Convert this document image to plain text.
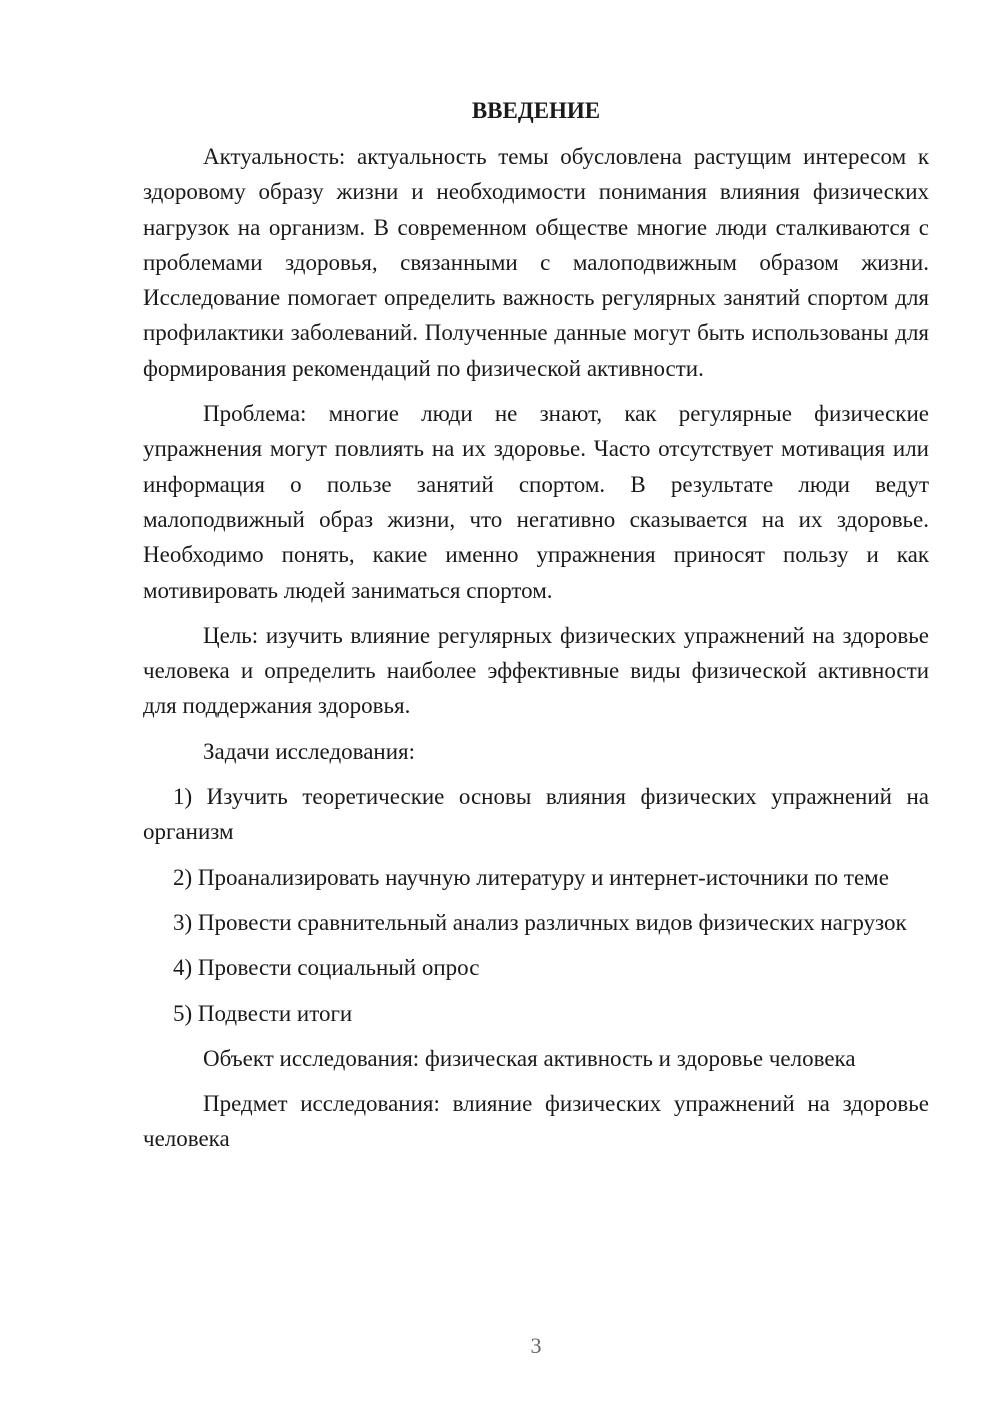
ВВЕДЕНИЕ

Актуальность: актуальность темы обусловлена растущим интересом к здоровому образу жизни и необходимости понимания влияния физических нагрузок на организм. В современном обществе многие люди сталкиваются с проблемами здоровья, связанными с малоподвижным образом жизни. Исследование помогает определить важность регулярных занятий спортом для профилактики заболеваний. Полученные данные могут быть использованы для формирования рекомендаций по физической активности.

Проблема: многие люди не знают, как регулярные физические упражнения могут повлиять на их здоровье. Часто отсутствует мотивация или информация о пользе занятий спортом. В результате люди ведут малоподвижный образ жизни, что негативно сказывается на их здоровье. Необходимо понять, какие именно упражнения приносят пользу и как мотивировать людей заниматься спортом.

Цель: изучить влияние регулярных физических упражнений на здоровье человека и определить наиболее эффективные виды физической активности для поддержания здоровья.

Задачи исследования:

1) Изучить теоретические основы влияния физических упражнений на организм

2) Проанализировать научную литературу и интернет-источники по теме

3) Провести сравнительный анализ различных видов физических нагрузок

4) Провести социальный опрос

5) Подвести итоги

Объект исследования: физическая активность и здоровье человека

Предмет исследования: влияние физических упражнений на здоровье человека

3
